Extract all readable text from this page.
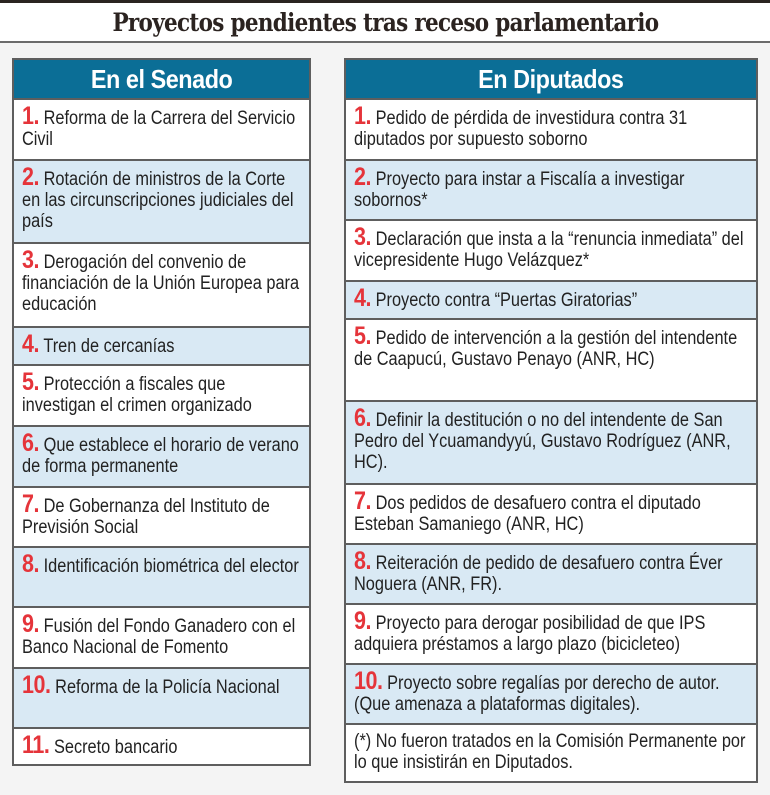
Proyectos pendientes tras receso parlamentario
En el Senado
1. Reforma de la Carrera del Servicio Civil
2. Rotación de ministros de la Corte en las circunscripciones judiciales del país
3. Derogación del convenio de financiación de la Unión Europea para educación
4. Tren de cercanías
5. Protección a fiscales que investigan el crimen organizado
6. Que establece el horario de verano de forma permanente
7. De Gobernanza del Instituto de Previsión Social
8. Identificación biométrica del elector
9. Fusión del Fondo Ganadero con el Banco Nacional de Fomento
10. Reforma de la Policía Nacional
11. Secreto bancario
En Diputados
1. Pedido de pérdida de investidura contra 31 diputados por supuesto soborno
2. Proyecto para instar a Fiscalía a investigar sobornos*
3. Declaración que insta a la “renuncia inmediata” del vicepresidente Hugo Velázquez*
4. Proyecto contra “Puertas Giratorias”
5. Pedido de intervención a la gestión del intendente de Caapucú, Gustavo Penayo (ANR, HC)
6. Definir la destitución o no del intendente de San Pedro del Ycuamandyyú, Gustavo Rodríguez (ANR, HC).
7. Dos pedidos de desafuero contra el diputado Esteban Samaniego (ANR, HC)
8. Reiteración de pedido de desafuero contra Éver Noguera (ANR, FR).
9. Proyecto para derogar posibilidad de que IPS adquiera préstamos a largo plazo (bicicleteo)
10. Proyecto sobre regalías por derecho de autor. (Que amenaza a plataformas digitales).
(*) No fueron tratados en la Comisión Permanente por lo que insistirán en Diputados.
